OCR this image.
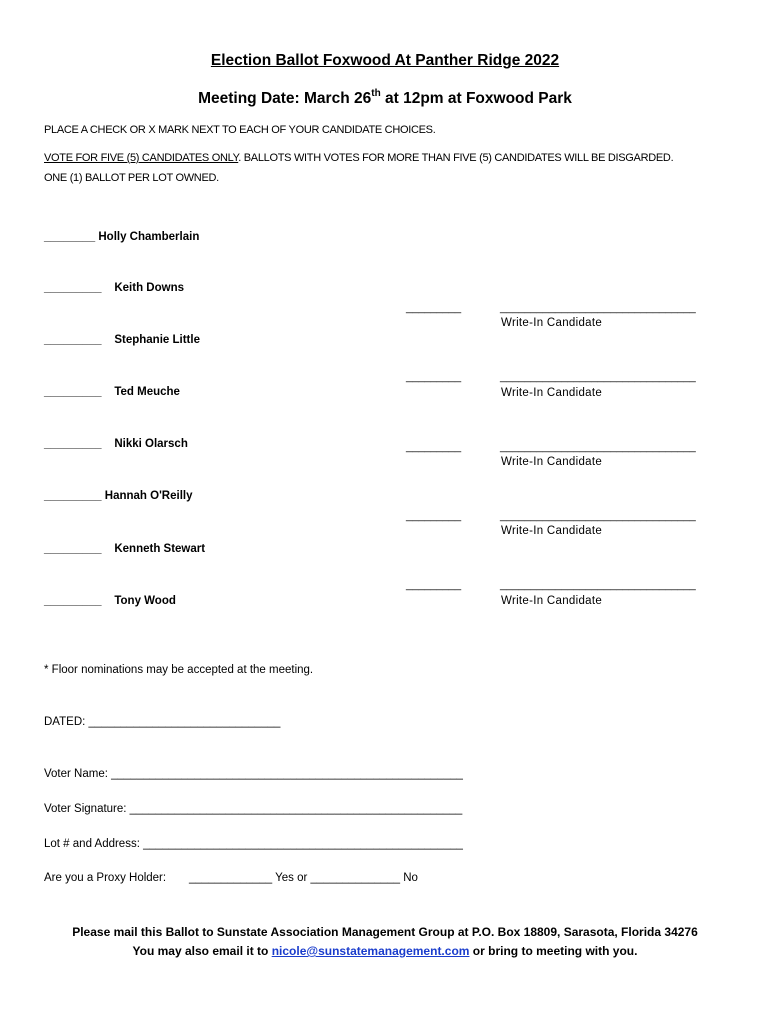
Election Ballot Foxwood At Panther Ridge 2022
Meeting Date: March 26th at 12pm at Foxwood Park
PLACE A CHECK OR X MARK NEXT TO EACH OF YOUR CANDIDATE CHOICES.
VOTE FOR FIVE (5) CANDIDATES ONLY. BALLOTS WITH VOTES FOR MORE THAN FIVE (5) CANDIDATES WILL BE DISGARDED.
ONE (1) BALLOT PER LOT OWNED.
________ Holly Chamberlain
_________ Keith Downs
_________ Stephanie Little
_________ Ted Meuche
_________ Nikki Olarsch
_________ Hannah O'Reilly
_________ Kenneth Stewart
_________ Tony Wood
_________	________________________________
Write-In Candidate
_________	________________________________
Write-In Candidate
_________	________________________________
Write-In Candidate
_________	________________________________
Write-In Candidate
_________	________________________________
Write-In Candidate
* Floor nominations may be accepted at the meeting.
DATED: ______________________________
Voter Name: _______________________________________________________
Voter Signature: ____________________________________________________
Lot # and Address: __________________________________________________
Are you a Proxy Holder: _____________ Yes or ______________ No
Please mail this Ballot to Sunstate Association Management Group at P.O. Box 18809, Sarasota, Florida 34276
You may also email it to nicole@sunstatemanagement.com or bring to meeting with you.
